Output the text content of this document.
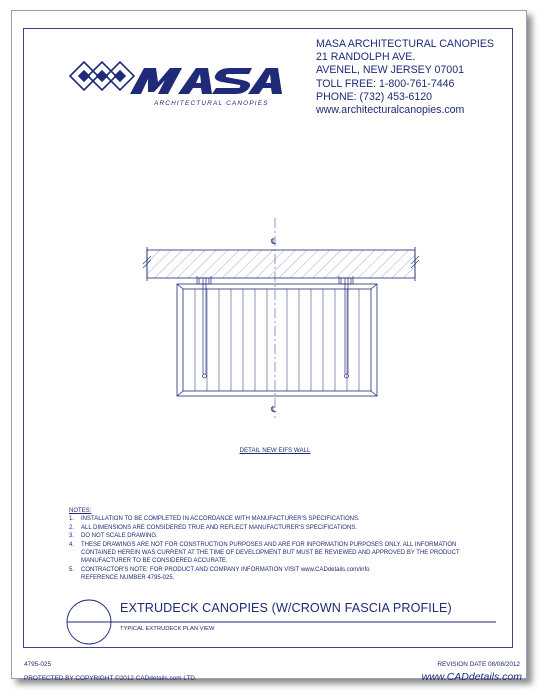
ARCHITECTURAL CANOPIES
MASA ARCHITECTURAL CANOPIES
21 RANDOLPH AVE.
AVENEL, NEW JERSEY 07001
TOLL FREE: 1-800-761-7446
PHONE: (732) 453-6120
www.architecturalcanopies.com
℄
℄
DETAIL NEW EIFS WALL
NOTES:
1. INSTALLATION TO BE COMPLETED IN ACCORDANCE WITH MANUFACTURER'S SPECIFICATIONS.
2. ALL DIMENSIONS ARE CONSIDERED TRUE AND REFLECT MANUFACTURER'S SPECIFICATIONS.
3. DO NOT SCALE DRAWING.
4. THESE DRAWINGS ARE NOT FOR CONSTRUCTION PURPOSES AND ARE FOR INFORMATION PURPOSES ONLY. ALL INFORMATION
CONTAINED HEREIN WAS CURRENT AT THE TIME OF DEVELOPMENT BUT MUST BE REVIEWED AND APPROVED BY THE PRODUCT
MANUFACTURER TO BE CONSIDERED ACCURATE.
5. CONTRACTOR'S NOTE: FOR PRODUCT AND COMPANY INFORMATION VISIT www.CADdetails.com/info
REFERENCE NUMBER 4795-025.
EXTRUDECK CANOPIES (W/CROWN FASCIA PROFILE)
TYPICAL EXTRUDECK PLAN VIEW
4795-025	REVISION DATE 08/08/2012
PROTECTED BY COPYRIGHT ©2012 CADdetails.com LTD.	www.CADdetails.com
